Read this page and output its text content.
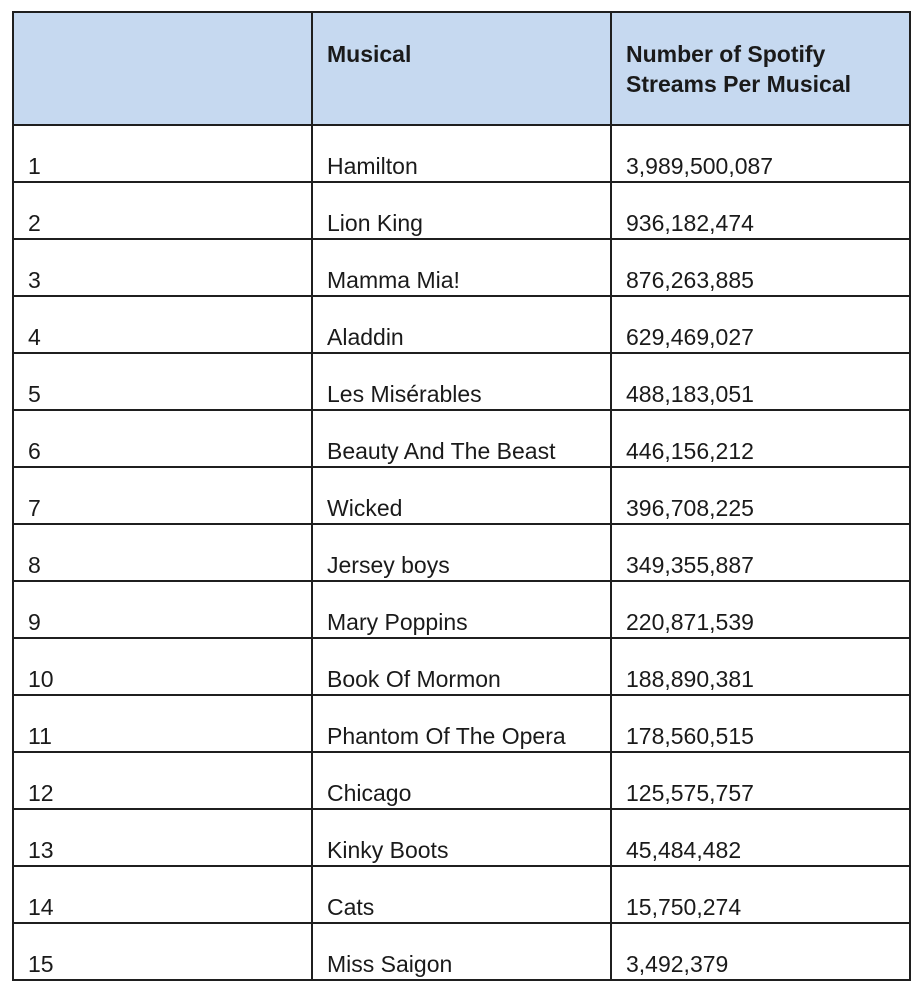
	Musical	Number of Spotify Streams Per Musical
1	Hamilton	3,989,500,087
2	Lion King	936,182,474
3	Mamma Mia!	876,263,885
4	Aladdin	629,469,027
5	Les Misérables	488,183,051
6	Beauty And The Beast	446,156,212
7	Wicked	396,708,225
8	Jersey boys	349,355,887
9	Mary Poppins	220,871,539
10	Book Of Mormon	188,890,381
11	Phantom Of The Opera	178,560,515
12	Chicago	125,575,757
13	Kinky Boots	45,484,482
14	Cats	15,750,274
15	Miss Saigon	3,492,379
